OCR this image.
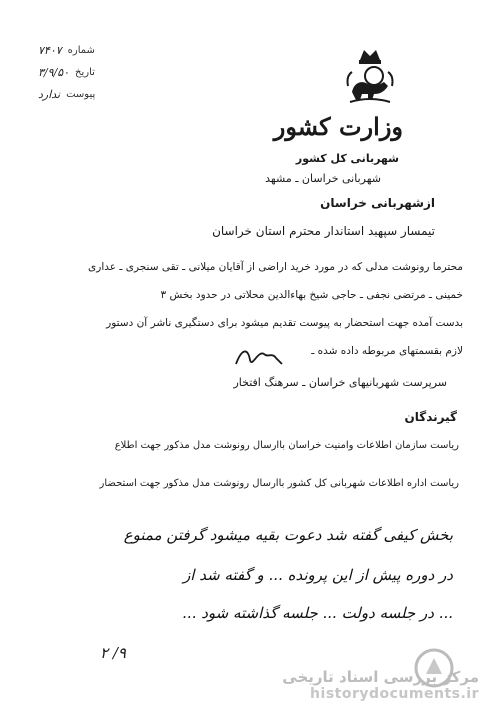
شماره
۷۴۰۷
تاریخ
۳/۹/۵۰
پیوست
ندارد
وزارت کشور
شهربانی کل کشور
شهربانی خراسان ـ مشهد
ازشهربانی خراسان
تیمسار سپهبد استاندار محترم استان خراسان
محترما رونوشت مدلی که در مورد خرید اراضی از آقایان میلانی ـ تقی سنجری ـ عداری
خمینی ـ مرتضی نجفی ـ حاجی شیخ بهاءالدین محلاتی در حدود بخش ۳
بدست آمده جهت استحضار به پیوست تقدیم میشود برای دستگیری ناشر آن دستور
لازم بقسمتهای مربوطه داده شده ـ
سرپرست شهربانیهای خراسان ـ سرهنگ افتخار
گیرندگان
ریاست سازمان اطلاعات وامنیت خراسان باارسال رونوشت مدل مذکور جهت اطلاع
ریاست اداره اطلاعات شهربانی کل کشور باارسال رونوشت مدل مذکور جهت استحضار
بخش کیفی گفته شد دعوت بقیه میشود گرفتن ممنوع
در دوره پیش از این پرونده ... و گفته شد از
... در جلسه دولت ... جلسه گذاشته شود ...
۹/ ۲
مرکز بررسی اسناد تاریخی
historydocuments.ir
